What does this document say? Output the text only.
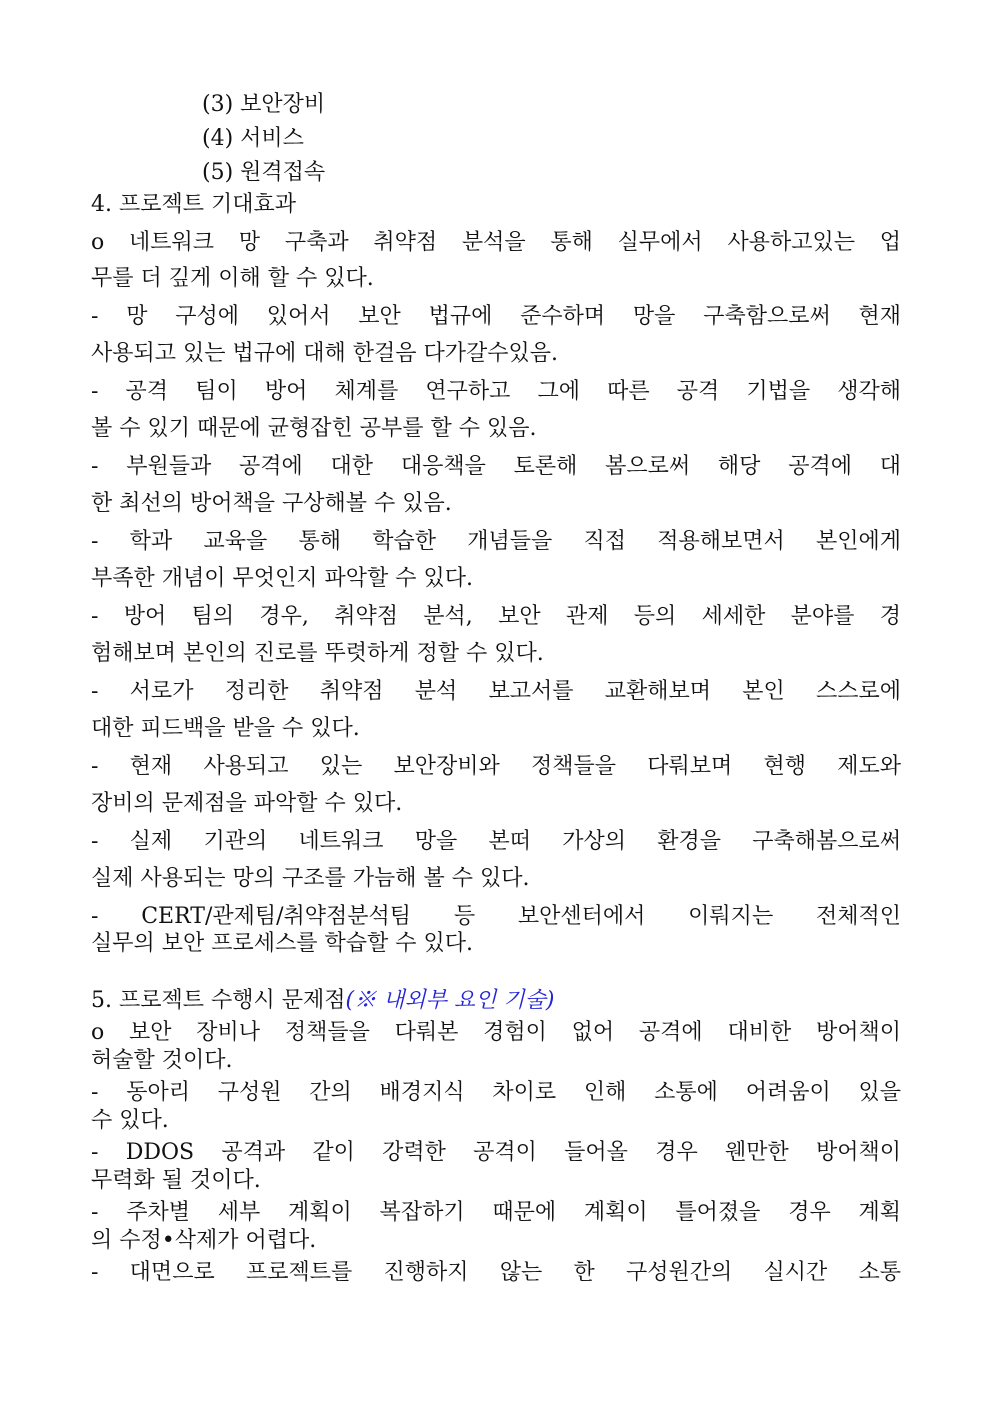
(3) 보안장비
(4) 서비스
(5) 원격접속
4. 프로젝트 기대효과
o 네트워크 망 구축과 취약점 분석을 통해 실무에서 사용하고있는 업
무를 더 깊게 이해 할 수 있다.
- 망 구성에 있어서 보안 법규에 준수하며 망을 구축함으로써 현재
사용되고 있는 법규에 대해 한걸음 다가갈수있음.
- 공격 팀이 방어 체계를 연구하고 그에 따른 공격 기법을 생각해
볼 수 있기 때문에 균형잡힌 공부를 할 수 있음.
- 부원들과 공격에 대한 대응책을 토론해 봄으로써 해당 공격에 대
한 최선의 방어책을 구상해볼 수 있음.
- 학과 교육을 통해 학습한 개념들을 직접 적용해보면서 본인에게
부족한 개념이 무엇인지 파악할 수 있다.
- 방어 팀의 경우, 취약점 분석, 보안 관제 등의 세세한 분야를 경
험해보며 본인의 진로를 뚜렷하게 정할 수 있다.
- 서로가 정리한 취약점 분석 보고서를 교환해보며 본인 스스로에
대한 피드백을 받을 수 있다.
- 현재 사용되고 있는 보안장비와 정책들을 다뤄보며 현행 제도와
장비의 문제점을 파악할 수 있다.
- 실제 기관의 네트워크 망을 본떠 가상의 환경을 구축해봄으로써
실제 사용되는 망의 구조를 가늠해 볼 수 있다.
- CERT/관제팀/취약점분석팀 등 보안센터에서 이뤄지는 전체적인
실무의 보안 프로세스를 학습할 수 있다.
5. 프로젝트 수행시 문제점(※ 내외부 요인 기술)
o 보안 장비나 정책들을 다뤄본 경험이 없어 공격에 대비한 방어책이
허술할 것이다.
- 동아리 구성원 간의 배경지식 차이로 인해 소통에 어려움이 있을
수 있다.
- DDOS 공격과 같이 강력한 공격이 들어올 경우 웬만한 방어책이
무력화 될 것이다.
- 주차별 세부 계획이 복잡하기 때문에 계획이 틀어졌을 경우 계획
의 수정•삭제가 어렵다.
- 대면으로 프로젝트를 진행하지 않는 한 구성원간의 실시간 소통
